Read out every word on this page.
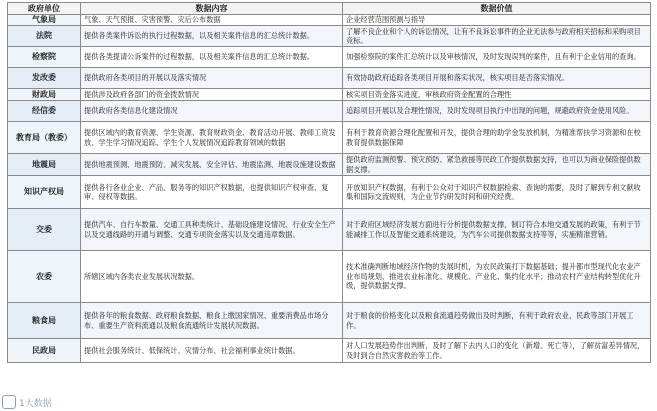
政府单位	数据内容	数据价值
气象局	气象、天气预报、灾害预警、灾后公布数据	企业经营范围预测与指导
法院	提供各类案件诉讼的执行过程数据，以及相关案件信息的汇总统计数据。	了解不良企业和个人的诉讼情况，让有不良诉讼事件的企业无法参与政府相关招标和采购项目竞标。
检察院	提供各类提请公诉案件的过程数据，以及相关案件信息的汇总统计数据。	加强检察院的案件汇总统计以及审核情况，及时发现误判的案件，且有利于企业信用的查询。
发改委	提供政府各类项目的开展以及落实情况	有效协助政府追踪各类项目开展和落实状况，核实项目是否落实情况。
财政局	提供涉及政府各部门的资金拨款情况	核实项目资金落实进度，审核政府资金配置的合理性
经信委	提供政府各类信息化建设情况	追踪项目开展以及合理性情况，及时发现项目执行中出现的问题，规避政府资金使用风险。
教育局（教委）	提供区域内的教育资源、学生资源、教育财政资金、教育活动开展、教师工资发放、学生学习情况追踪、学生个人发展情况追踪教育领域的数据	有利于教育资源合理化配置和开发，提供合理的助学金发放机制，为精准帮扶学习资源和在校教育提供数据保障
地震局	提供地震预测、地震预防、减灾发展、安全评估、地震监测、地震设施建设数据	提供政府监测预警、预灾预防、紧急救援等民政工作提供数据支持，也可以为商业保险提供数据支撑。
知识产权局	提供各行各业企业、产品、服务等的知识产权数据，也提供知识产权审查、复审、侵权等数据。	开放知识产权数据，有利于公众对于知识产权数据检索、查询的需要，及时了解到专利文献收集和国际交流规则，为企业节约研发时间和研究经费。
交委	提供汽车、自行车数量、交通工具种类统计、基础设施建设情况、行业安全生产以及交通线路的开通与调整、交通专项资金落实以及交通违章数据。	对于政府区域经济发展方面进行分析提供数据支撑，制订符合本地交通发展的政策，有利于节能减排工作以及智能交通系统建设，为汽车公司提供数据支持等等，实施精准营销。
农委	所辖区域内各类农业发展状况数据。	技术准确判断地域经济作物的发展时机，为农民政策打下数据基础；提升都市型现代化农业产业布局规划，推进农业标准化、规模化、产业化、集约化水平；推动农村产业结构转型优化升级，提供数据支撑。
粮食局	提供各年的粮食数据、政府粮食数据、粮食上缴国家情况、重要消费品市场分布、重要生产资料流通以及粮食流通统计发展状况数据。	对于粮食的价格变化以及粮食流通趋势做出及时判断，有利于政府农业、民政等部门开展工作。
民政局	提供社会服务统计、低保统计、灾情分布、社会福利事业统计数据。	对人口发展趋势作出判断，及时了解下去内人口的变化（新增、死亡等），了解贫富差异情况，及时到合自然灾害救治等工作。
1大数据
